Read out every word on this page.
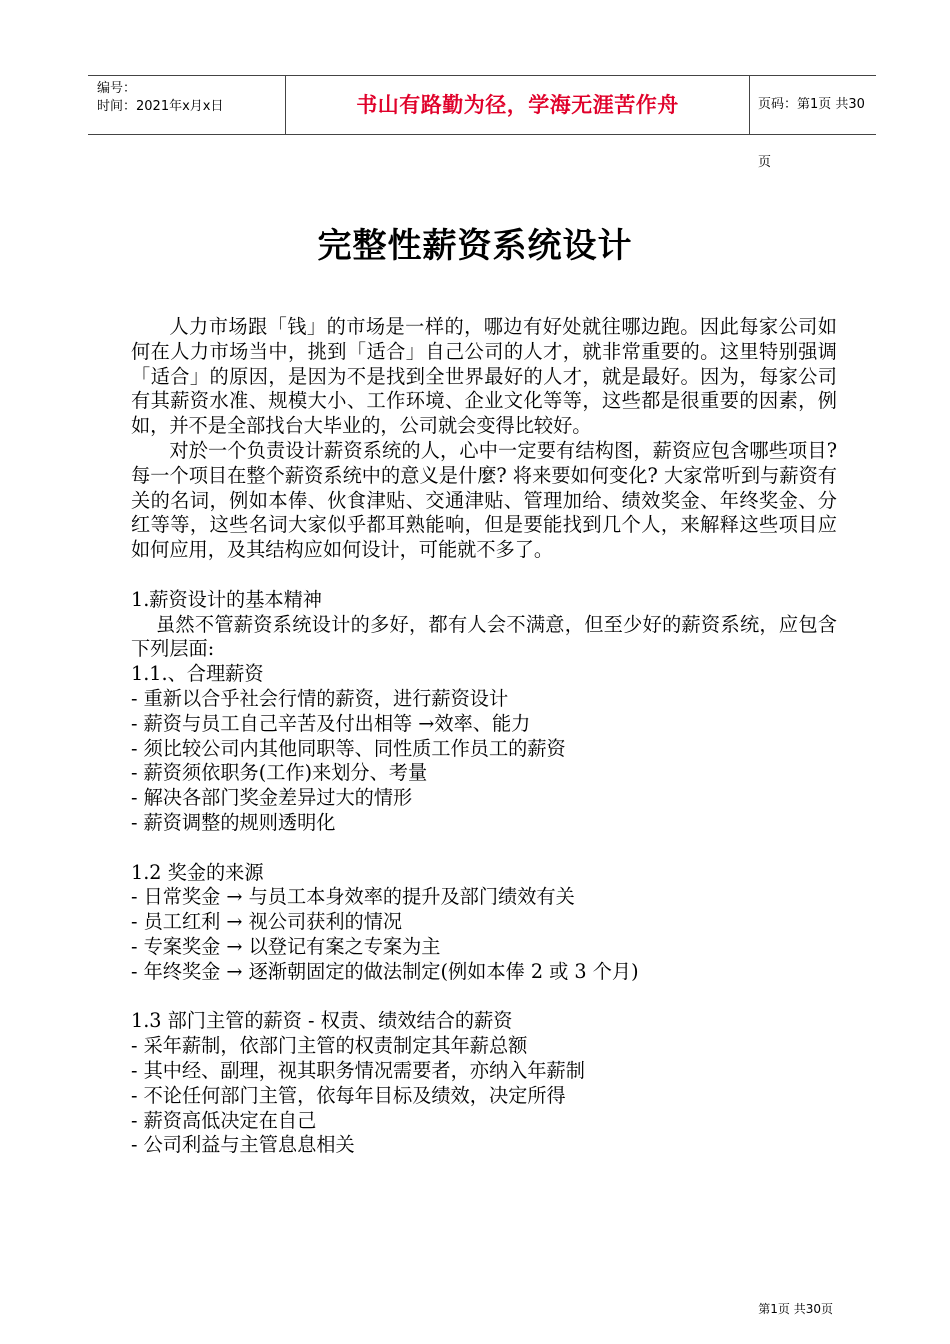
编号：
时间：2021年x月x日	书山有路勤为径，学海无涯苦作舟	页码：第1页 共30页
完整性薪资系统设计

人力市场跟「钱」的市场是一样的，哪边有好处就往哪边跑。因此每家公司如何在人力市场当中，挑到「适合」自己公司的人才，就非常重要的。这里特别强调「适合」的原因，是因为不是找到全世界最好的人才，就是最好。因为，每家公司有其薪资水准、规模大小、工作环境、企业文化等等，这些都是很重要的因素，例如，并不是全部找台大毕业的，公司就会变得比较好。

对於一个负责设计薪资系统的人，心中一定要有结构图，薪资应包含哪些项目? 每一个项目在整个薪资系统中的意义是什麼? 将来要如何变化? 大家常听到与薪资有关的名词，例如本俸、伙食津贴、交通津贴、管理加给、绩效奖金、年终奖金、分红等等，这些名词大家似乎都耳熟能响，但是要能找到几个人，来解释这些项目应如何应用，及其结构应如何设计，可能就不多了。

1.薪资设计的基本精神

虽然不管薪资系统设计的多好，都有人会不满意，但至少好的薪资系统，应包含下列层面:

1.1.、合理薪资

- 重新以合乎社会行情的薪资，进行薪资设计
- 薪资与员工自己辛苦及付出相等 →效率、能力
- 须比较公司内其他同职等、同性质工作员工的薪资
- 薪资须依职务(工作)来划分、考量
- 解决各部门奖金差异过大的情形
- 薪资调整的规则透明化

1.2 奖金的来源

- 日常奖金 → 与员工本身效率的提升及部门绩效有关
- 员工红利 → 视公司获利的情况
- 专案奖金 → 以登记有案之专案为主
- 年终奖金 → 逐渐朝固定的做法制定(例如本俸 2 或 3 个月)

1.3 部门主管的薪资 - 权责、绩效结合的薪资

- 采年薪制，依部门主管的权责制定其年薪总额
- 其中经、副理，视其职务情况需要者，亦纳入年薪制
- 不论任何部门主管，依每年目标及绩效，决定所得
- 薪资高低决定在自己
- 公司利益与主管息息相关
第1页 共30页
